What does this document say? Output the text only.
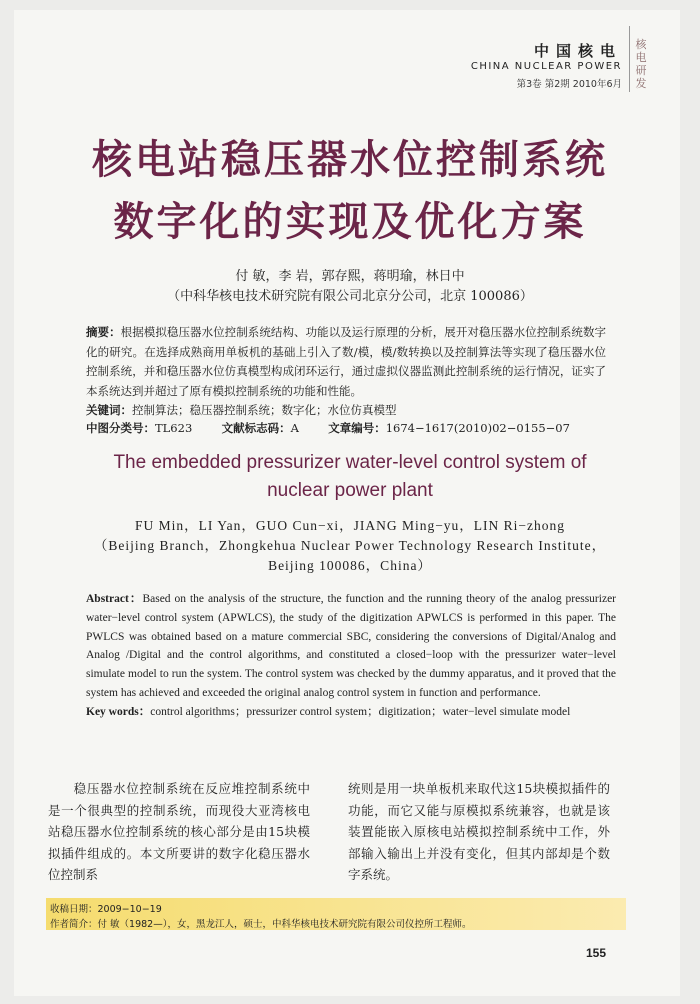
中国核电
CHINA NUCLEAR POWER
第3卷 第2期 2010年6月
核电研发
核电站稳压器水位控制系统
数字化的实现及优化方案
付 敏，李 岩，郭存熙，蒋明瑜，林日中
（中科华核电技术研究院有限公司北京分公司，北京 100086）
摘要：根据模拟稳压器水位控制系统结构、功能以及运行原理的分析，展开对稳压器水位控制系统数字化的研究。在选择成熟商用单板机的基础上引入了数/模，模/数转换以及控制算法等实现了稳压器水位控制系统，并和稳压器水位仿真模型构成闭环运行，通过虚拟仪器监测此控制系统的运行情况，证实了本系统达到并超过了原有模拟控制系统的功能和性能。
关键词：控制算法；稳压器控制系统；数字化；水位仿真模型
中图分类号：TL623	文献标志码：A	文章编号：1674−1617(2010)02−0155−07
The embedded pressurizer water-level control system of
nuclear power plant
FU Min，LI Yan，GUO Cun−xi，JIANG Ming−yu，LIN Ri−zhong
（Beijing Branch，Zhongkehua Nuclear Power Technology Research Institute，
Beijing 100086，China）
Abstract：Based on the analysis of the structure, the function and the running theory of the analog pressurizer water−level control system (APWLCS), the study of the digitization APWLCS is performed in this paper. The PWLCS was obtained based on a mature commercial SBC, considering the conversions of Digital/Analog and Analog /Digital and the control algorithms, and constituted a closed−loop with the pressurizer water−level simulate model to run the system. The control system was checked by the dummy apparatus, and it proved that the system has achieved and exceeded the original analog control system in function and performance.
Key words：control algorithms；pressurizer control system；digitization；water−level simulate model
稳压器水位控制系统在反应堆控制系统中是一个很典型的控制系统，而现役大亚湾核电站稳压器水位控制系统的核心部分是由15块模拟插件组成的。本文所要讲的数字化稳压器水位控制系
统则是用一块单板机来取代这15块模拟插件的功能，而它又能与原模拟系统兼容，也就是该装置能嵌入原核电站模拟控制系统中工作，外部输入输出上并没有变化，但其内部却是个数字系统。
收稿日期：2009−10−19
作者简介：付 敏（1982—），女，黑龙江人，硕士，中科华核电技术研究院有限公司仪控所工程师。
155
